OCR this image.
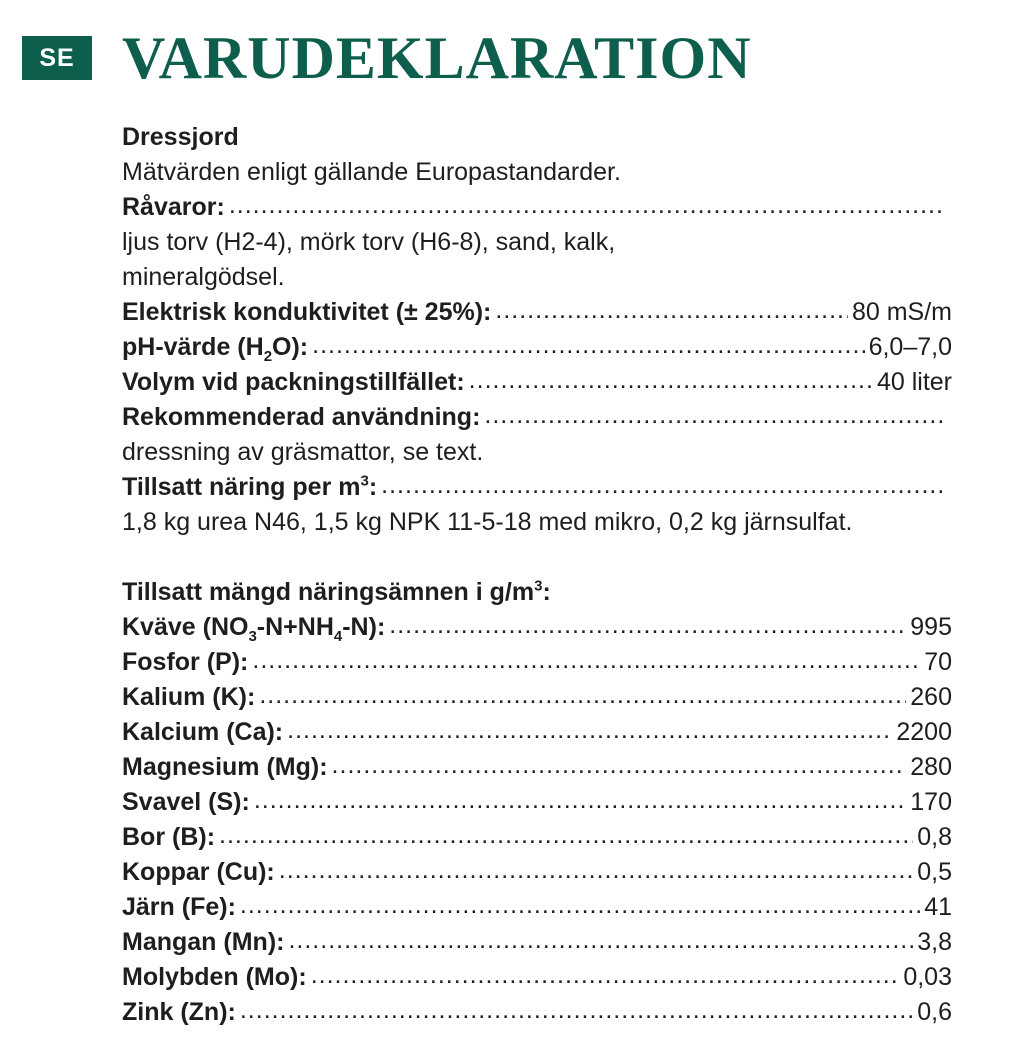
SE VARUDEKLARATION
Dressjord
Mätvärden enligt gällande Europastandarder.
Råvaror:
.....
ljus torv (H2-4), mörk torv (H6-8), sand, kalk,
mineralgödsel.
Elektrisk konduktivitet (± 25%): .....	80 mS/m
pH-värde $(H_2O)$: .....	6,0–7,0
Volym vid packningstillfället: .....	40 liter
Rekommenderad användning:
.....
dressning av gräsmattor, se text.
Tillsatt näring per $m^3$:
.....
1,8 kg urea N46, 1,5 kg NPK 11-5-18 med mikro, 0,2 kg järnsulfat.
Tillsatt mängd näringsämnen i $g/m^3$:
Kväve $(NO_3-N+NH_4-N)$: .....	995
Fosfor (P): .....	70
Kalium (K): .....	260
Kalcium (Ca): .....	2200
Magnesium (Mg): .....	280
Svavel (S): .....	170
Bor (B): .....	0,8
Koppar (Cu): .....	0,5
Järn (Fe): .....	41
Mangan (Mn): .....	3,8
Molybden (Mo): .....	0,03
Zink (Zn): .....	0,6
